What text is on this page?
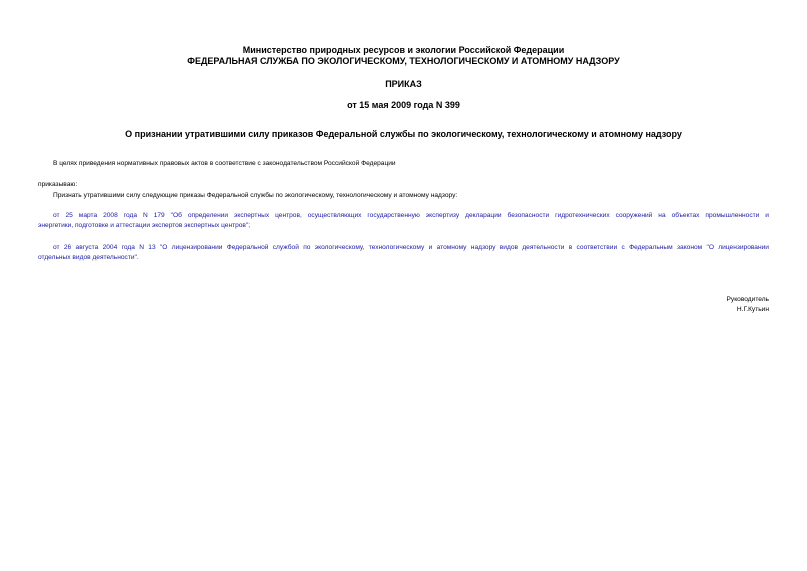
Министерство природных ресурсов и экологии Российской Федерации
ФЕДЕРАЛЬНАЯ СЛУЖБА ПО ЭКОЛОГИЧЕСКОМУ, ТЕХНОЛОГИЧЕСКОМУ И АТОМНОМУ НАДЗОРУ
ПРИКАЗ
от 15 мая 2009 года N 399
О признании утратившими силу приказов Федеральной службы по экологическому, технологическому и атомному надзору
В целях приведения нормативных правовых актов в соответствие с законодательством Российской Федерации
приказываю:
Признать утратившими силу следующие приказы Федеральной службы по экологическому, технологическому и атомному надзору:
от 25 марта 2008 года N 179 "Об определении экспертных центров, осуществляющих государственную экспертизу декларации безопасности гидротехнических сооружений на объектах промышленности и
энергетики, подготовке и аттестации экспертов экспертных центров";
от 26 августа 2004 года N 13 "О лицензировании Федеральной службой по экологическому, технологическому и атомному надзору видов деятельности в соответствии с Федеральным законом "О лицензировании
отдельных видов деятельности".
Руководитель
Н.Г.Кутьин
